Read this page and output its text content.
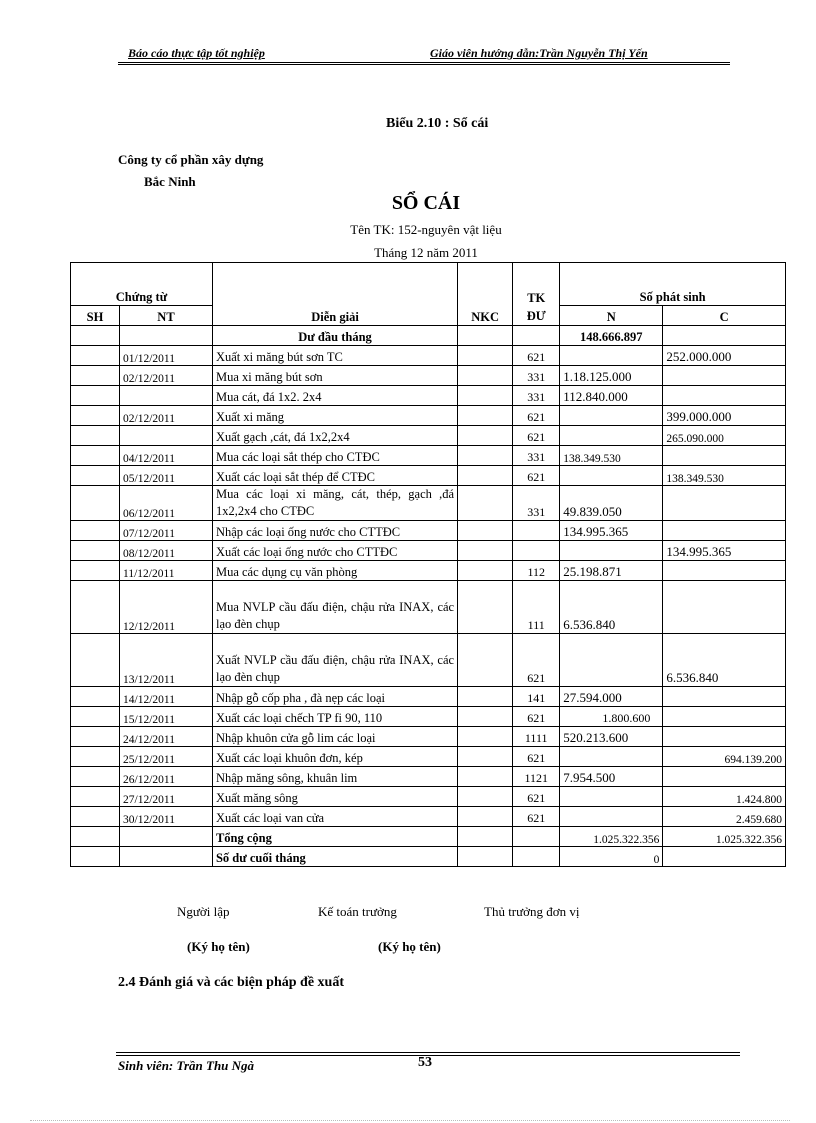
Báo cáo thực tập tốt nghiệp	Giáo viên hướng dẫn:Trần Nguyễn Thị Yến
Biểu 2.10 : Sổ cái
Công ty cổ phần xây dựng
Bắc Ninh
SỔ CÁI
Tên TK: 152-nguyên vật liệu
Tháng 12 năm 2011
Chứng từ		Diễn giải	NKC	TK ĐƯ	Số phát sinh	
SH	NT				N	C
		Dư đầu tháng			148.666.897	
	01/12/2011	Xuất xi măng bút sơn TC		621		252.000.000
	02/12/2011	Mua xi măng bút sơn		331	1.18.125.000	
		Mua cát, đá 1x2. 2x4		331	112.840.000	
	02/12/2011	Xuất xi măng		621		399.000.000
		Xuất gạch ,cát, đá 1x2,2x4		621		265.090.000
	04/12/2011	Mua các loại sắt thép cho CTĐC		331	138.349.530	
	05/12/2011	Xuất các loại sắt thép để CTĐC		621		138.349.530
	06/12/2011	Mua các loại xi măng, cát, thép, gạch ,đá 1x2,2x4 cho CTĐC		331	49.839.050	
	07/12/2011	Nhập các loại ống nước cho CTTĐC			134.995.365	
	08/12/2011	Xuất các loại ống nước cho CTTĐC				134.995.365
	11/12/2011	Mua các dụng cụ văn phòng		112	25.198.871	
	12/12/2011	Mua NVLP cầu đấu điện, chậu rửa INAX, các lạo đèn chụp		111	6.536.840	
	13/12/2011	Xuất NVLP cầu đấu điện, chậu rửa INAX, các lạo đèn chụp		621		6.536.840
	14/12/2011	Nhập gỗ cốp pha , đà nẹp các loại		141	27.594.000	
	15/12/2011	Xuất các loại chếch TP fi 90, 110		621	1.800.600	
	24/12/2011	Nhập khuôn cửa gỗ lim các loại		1111	520.213.600	
	25/12/2011	Xuất các loại khuôn đơn, kép		621		694.139.200
	26/12/2011	Nhập măng sông, khuân lim		1121	7.954.500	
	27/12/2011	Xuất măng sông		621		1.424.800
	30/12/2011	Xuất các loại van cửa		621		2.459.680
		Tổng cộng			1.025.322.356	1.025.322.356
		Số dư cuối tháng			0	
Người lập	Kế toán trưởng	Thủ trưởng đơn vị
(Ký họ tên)	(Ký họ tên)
2.4 Đánh giá và các biện pháp đề xuất
Sinh viên: Trần Thu Ngà	53
